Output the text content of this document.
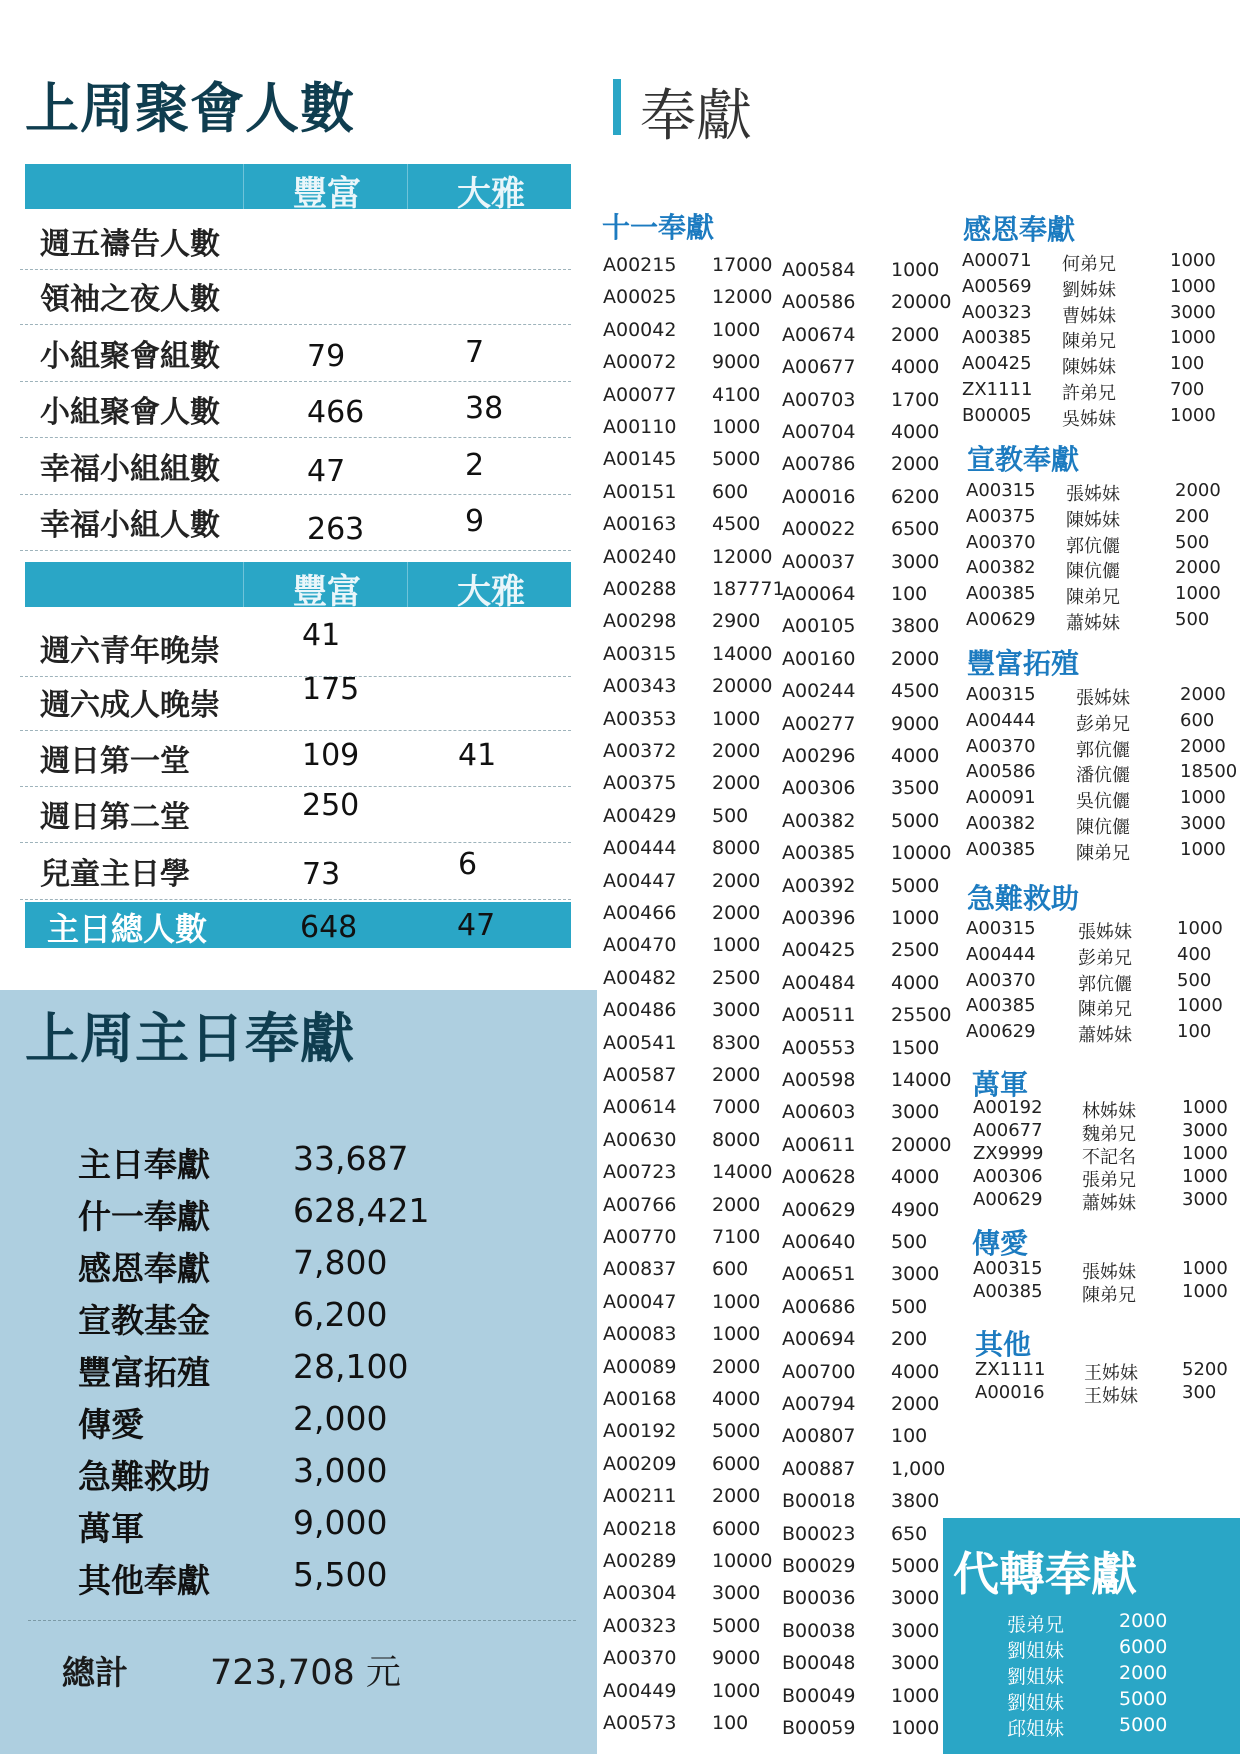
上周聚會人數
豐富	大雅
週五禱告人數
領袖之夜人數
小組聚會組數	79	7
小組聚會人數	466	38
幸福小組組數	47	2
幸福小組人數	263	9
豐富	大雅
週六青年晚崇	41
週六成人晚崇	175
週日第一堂	109	41
週日第二堂	250
兒童主日學	73	6
主日總人數	648	47
上周主日奉獻
主日奉獻	33,687
什一奉獻	628,421
感恩奉獻	7,800
宣教基金	6,200
豐富拓殖	28,100
傳愛	2,000
急難救助	3,000
萬軍	9,000
其他奉獻	5,500
總計 723,708 元
奉獻
十一奉獻
A00215 17000
A00025 12000
A00042 1000
A00072 9000
A00077 4100
A00110 1000
A00145 5000
A00151 600
A00163 4500
A00240 12000
A00288 187771
A00298 2900
A00315 14000
A00343 20000
A00353 1000
A00372 2000
A00375 2000
A00429 500
A00444 8000
A00447 2000
A00466 2000
A00470 1000
A00482 2500
A00486 3000
A00541 8300
A00587 2000
A00614 7000
A00630 8000
A00723 14000
A00766 2000
A00770 7100
A00837 600
A00047 1000
A00083 1000
A00089 2000
A00168 4000
A00192 5000
A00209 6000
A00211 2000
A00218 6000
A00289 10000
A00304 3000
A00323 5000
A00370 9000
A00449 1000
A00573 100
A00584 1000
A00586 20000
A00674 2000
A00677 4000
A00703 1700
A00704 4000
A00786 2000
A00016 6200
A00022 6500
A00037 3000
A00064 100
A00105 3800
A00160 2000
A00244 4500
A00277 9000
A00296 4000
A00306 3500
A00382 5000
A00385 10000
A00392 5000
A00396 1000
A00425 2500
A00484 4000
A00511 25500
A00553 1500
A00598 14000
A00603 3000
A00611 20000
A00628 4000
A00629 4900
A00640 500
A00651 3000
A00686 500
A00694 200
A00700 4000
A00794 2000
A00807 100
A00887 1,000
B00018 3800
B00023 650
B00029 5000
B00036 3000
B00038 3000
B00048 3000
B00049 1000
B00059 1000
感恩奉獻
A00071 何弟兄	1000
A00569 劉姊妹	1000
A00323 曹姊妹	3000
A00385 陳弟兄	1000
A00425 陳姊妹	100
ZX1111 許弟兄	700
B00005 吳姊妹	1000
宣教奉獻
A00315 張姊妹	2000
A00375 陳姊妹	200
A00370 郭伉儷	500
A00382 陳伉儷	2000
A00385 陳弟兄	1000
A00629 蕭姊妹	500
豐富拓殖
A00315 張姊妹	2000
A00444 彭弟兄	600
A00370 郭伉儷	2000
A00586 潘伉儷	18500
A00091 吳伉儷	1000
A00382 陳伉儷	3000
A00385 陳弟兄	1000
急難救助
A00315 張姊妹	1000
A00444 彭弟兄	400
A00370 郭伉儷	500
A00385 陳弟兄	1000
A00629 蕭姊妹	100
萬軍
A00192 林姊妹	1000
A00677 魏弟兄	3000
ZX9999 不記名	1000
A00306 張弟兄	1000
A00629 蕭姊妹	3000
傳愛
A00315 張姊妹	1000
A00385 陳弟兄	1000
其他
ZX1111 王姊妹 5200
A00016 王姊妹 300
代轉奉獻
張弟兄	2000
劉姐妹	6000
劉姐妹	2000
劉姐妹	5000
邱姐妹	5000
